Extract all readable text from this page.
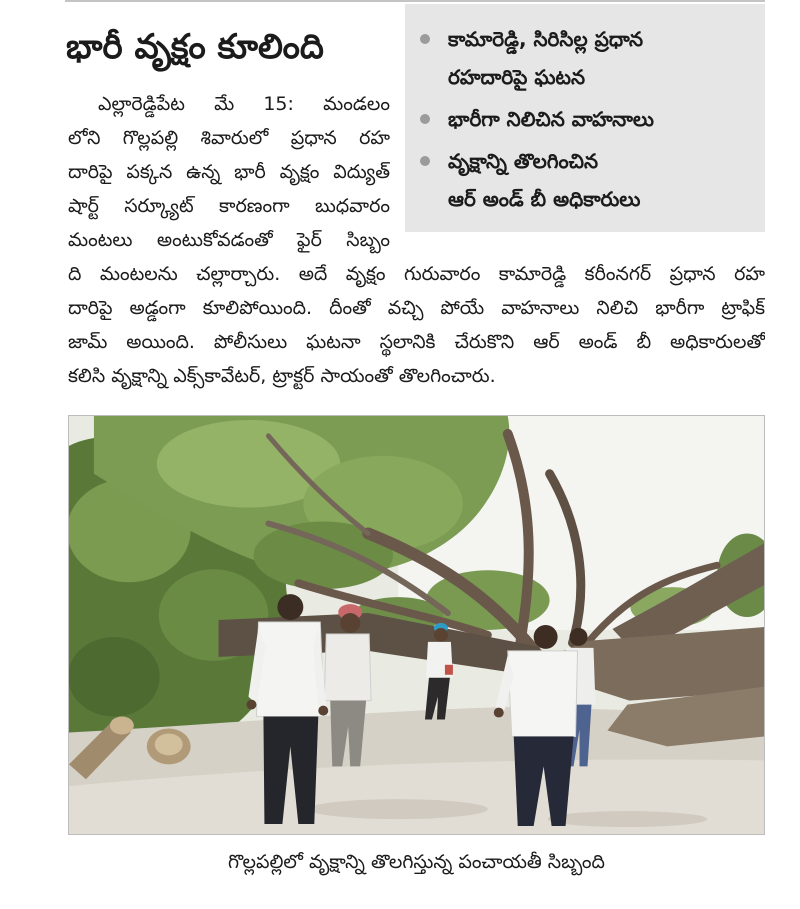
భారీ వృక్షం కూలింది	కామారెడ్డి, సిరిసిల్ల ప్రధాన
రహదారిపై ఘటన
భారీగా నిలిచిన వాహనాలు
వృక్షాన్ని తొలగించిన
ఆర్ అండ్ బీ అధికారులు
ఎల్లారెడ్డిపేట మే 15: మండలం
లోని గొల్లపల్లి శివారులో ప్రధాన రహ
దారిపై పక్కన ఉన్న భారీ వృక్షం విద్యుత్
షార్ట్ సర్క్యూట్ కారణంగా బుధవారం
మంటలు అంటుకోవడంతో ఫైర్ సిబ్బం
ది మంటలను చల్లార్చారు. అదే వృక్షం గురువారం కామారెడ్డి కరీంనగర్ ప్రధాన రహ
దారిపై అడ్డంగా కూలిపోయింది. దీంతో వచ్చి పోయే వాహనాలు నిలిచి భారీగా ట్రాఫిక్
జామ్ అయింది. పోలీసులు ఘటనా స్థలానికి చేరుకొని ఆర్ అండ్ బీ అధికారులతో
కలిసి వృక్షాన్ని ఎక్స్‌కావేటర్, ట్రాక్టర్ సాయంతో తొలగించారు.
గొల్లపల్లిలో వృక్షాన్ని తొలగిస్తున్న పంచాయతీ సిబ్బంది
